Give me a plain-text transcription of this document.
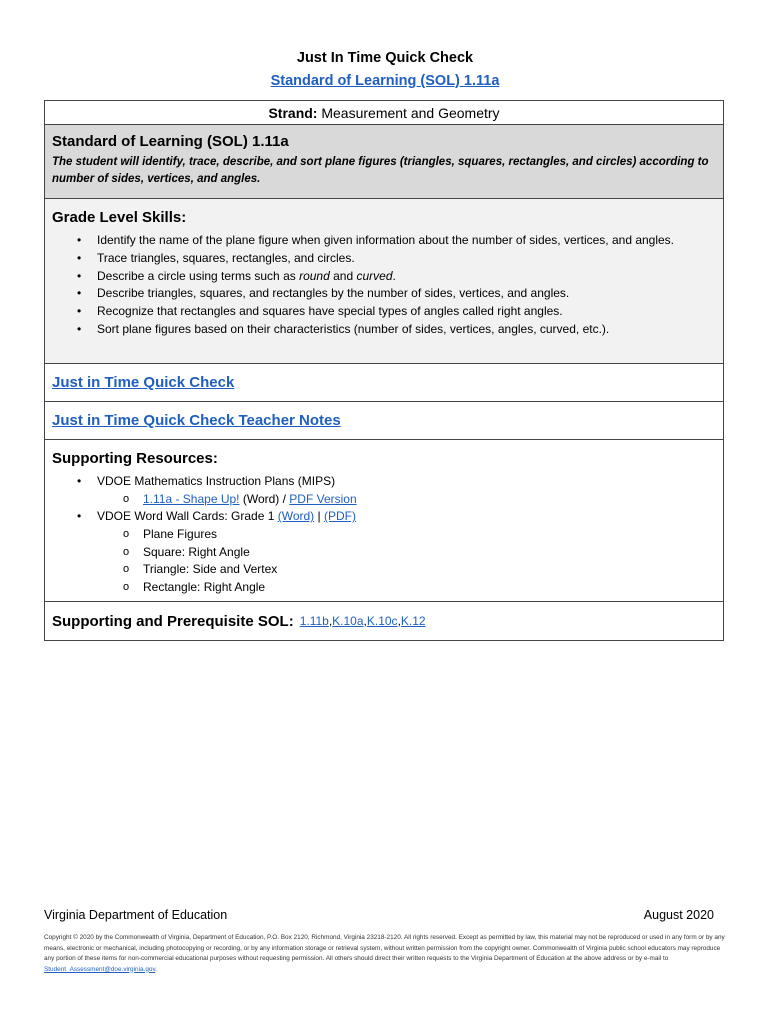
Just In Time Quick Check
Standard of Learning (SOL) 1.11a
Strand: Measurement and Geometry
Standard of Learning (SOL) 1.11a
The student will identify, trace, describe, and sort plane figures (triangles, squares, rectangles, and circles) according to number of sides, vertices, and angles.
Grade Level Skills:
• Identify the name of the plane figure when given information about the number of sides, vertices, and angles.
• Trace triangles, squares, rectangles, and circles.
• Describe a circle using terms such as round and curved.
• Describe triangles, squares, and rectangles by the number of sides, vertices, and angles.
• Recognize that rectangles and squares have special types of angles called right angles.
• Sort plane figures based on their characteristics (number of sides, vertices, angles, curved, etc.).
Just in Time Quick Check
Just in Time Quick Check Teacher Notes
Supporting Resources:
• VDOE Mathematics Instruction Plans (MIPS)
o 1.11a - Shape Up! (Word) / PDF Version
• VDOE Word Wall Cards: Grade 1 (Word) | (PDF)
o Plane Figures
o Square: Right Angle
o Triangle: Side and Vertex
o Rectangle: Right Angle
Supporting and Prerequisite SOL: 1.11b , K.10a , K.10c , K.12
Virginia Department of Education	August 2020
Copyright © 2020 by the Commonwealth of Virginia, Department of Education, P.O. Box 2120, Richmond, Virginia 23218-2120. All rights reserved. Except as permitted by law, this material may not be reproduced or used in any form or by any means, electronic or mechanical, including photocopying or recording, or by any information storage or retrieval system, without written permission from the copyright owner. Commonwealth of Virginia public school educators may reproduce any portion of these items for non-commercial educational purposes without requesting permission. All others should direct their written requests to the Virginia Department of Education at the above address or by e-mail to Student_Assessment@doe.virginia.gov.
